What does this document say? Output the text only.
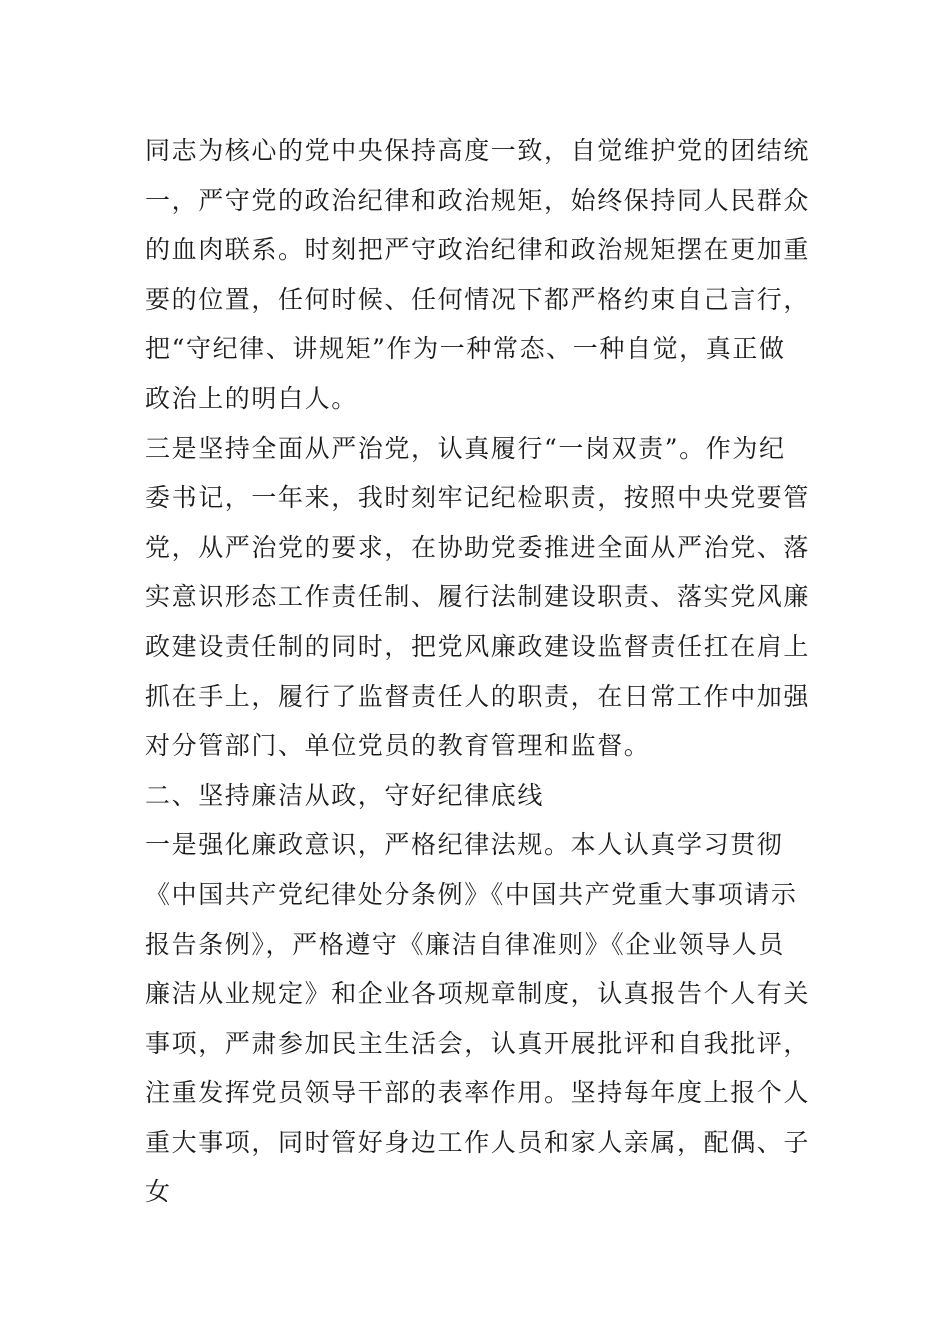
同志为核心的党中央保持高度一致，自觉维护党的团结统
一，严守党的政治纪律和政治规矩，始终保持同人民群众
的血肉联系。时刻把严守政治纪律和政治规矩摆在更加重
要的位置，任何时候、任何情况下都严格约束自己言行，
把“守纪律、讲规矩”作为一种常态、一种自觉，真正做
政治上的明白人。
三是坚持全面从严治党，认真履行“一岗双责”。作为纪
委书记，一年来，我时刻牢记纪检职责，按照中央党要管
党，从严治党的要求，在协助党委推进全面从严治党、落
实意识形态工作责任制、履行法制建设职责、落实党风廉
政建设责任制的同时，把党风廉政建设监督责任扛在肩上
抓在手上，履行了监督责任人的职责，在日常工作中加强
对分管部门、单位党员的教育管理和监督。
二、坚持廉洁从政，守好纪律底线
一是强化廉政意识，严格纪律法规。本人认真学习贯彻
《中国共产党纪律处分条例》《中国共产党重大事项请示
报告条例》，严格遵守《廉洁自律准则》《企业领导人员
廉洁从业规定》和企业各项规章制度，认真报告个人有关
事项，严肃参加民主生活会，认真开展批评和自我批评，
注重发挥党员领导干部的表率作用。坚持每年度上报个人
重大事项，同时管好身边工作人员和家人亲属，配偶、子
女
